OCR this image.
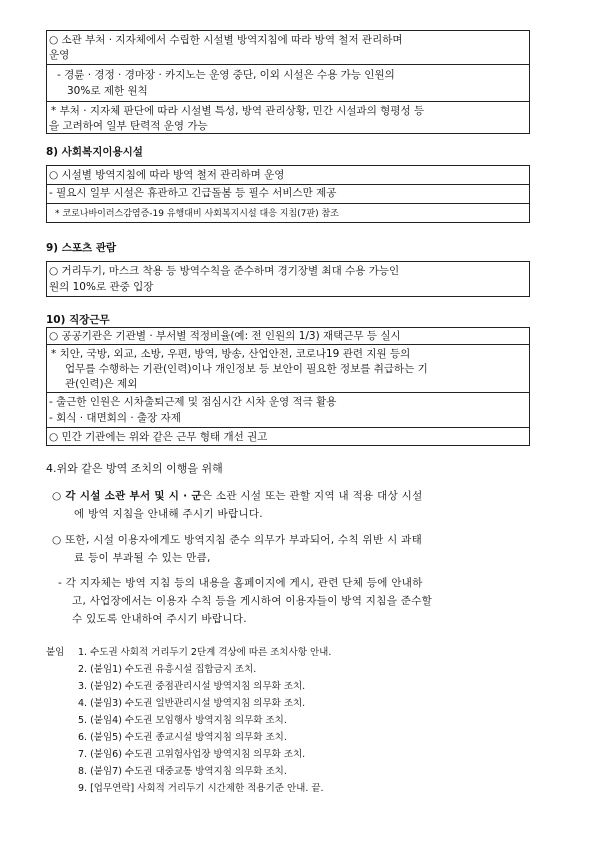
○ 소관 부처 · 지자체에서 수립한 시설별 방역지침에 따라 방역 철저 관리하며
운영
- 경륜 · 경정 · 경마장 · 카지노는 운영 중단, 이외 시설은 수용 가능 인원의
30%로 제한 원칙
* 부처 · 지자체 판단에 따라 시설별 특성, 방역 관리상황, 민간 시설과의 형평성 등
을 고려하여 일부 탄력적 운영 가능
8) 사회복지이용시설
○ 시설별 방역지침에 따라 방역 철저 관리하며 운영
- 필요시 일부 시설은 휴관하고 긴급돌봄 등 필수 서비스만 제공
* 코로나바이러스감염증-19 유행대비 사회복지시설 대응 지침(7판) 참조
9) 스포츠 관람
○ 거리두기, 마스크 착용 등 방역수칙을 준수하며 경기장별 최대 수용 가능인
원의 10%로 관중 입장
10) 직장근무
○ 공공기관은 기관별 · 부서별 적정비율(예: 전 인원의 1/3) 재택근무 등 실시
* 치안, 국방, 외교, 소방, 우편, 방역, 방송, 산업안전, 코로나19 관련 지원 등의
업무를 수행하는 기관(인력)이나 개인정보 등 보안이 필요한 정보를 취급하는 기
관(인력)은 제외
- 출근한 인원은 시차출퇴근제 및 점심시간 시차 운영 적극 활용
- 회식 · 대면회의 · 출장 자제
○ 민간 기관에는 위와 같은 근무 형태 개선 권고
4.위와 같은 방역 조치의 이행을 위해
○ 각 시설 소관 부서 및 시 · 군은 소관 시설 또는 관할 지역 내 적용 대상 시설
에 방역 지침을 안내해 주시기 바랍니다.
○ 또한, 시설 이용자에게도 방역지침 준수 의무가 부과되어, 수칙 위반 시 과태
료 등이 부과될 수 있는 만큼,
- 각 지자체는 방역 지침 등의 내용을 홈페이지에 게시, 관련 단체 등에 안내하
고, 사업장에서는 이용자 수칙 등을 게시하여 이용자들이 방역 지침을 준수할
수 있도록 안내하여 주시기 바랍니다.
붙임 1. 수도권 사회적 거리두기 2단계 격상에 따른 조치사항 안내.
2. (붙임1) 수도권 유흥시설 집합금지 조치.
3. (붙임2) 수도권 중점관리시설 방역지침 의무화 조치.
4. (붙임3) 수도권 일반관리시설 방역지침 의무화 조치.
5. (붙임4) 수도권 모임행사 방역지침 의무화 조치.
6. (붙임5) 수도권 종교시설 방역지침 의무화 조치.
7. (붙임6) 수도권 고위험사업장 방역지침 의무화 조치.
8. (붙임7) 수도권 대중교통 방역지침 의무화 조치.
9. [업무연락] 사회적 거리두기 시간제한 적용기준 안내. 끝.
